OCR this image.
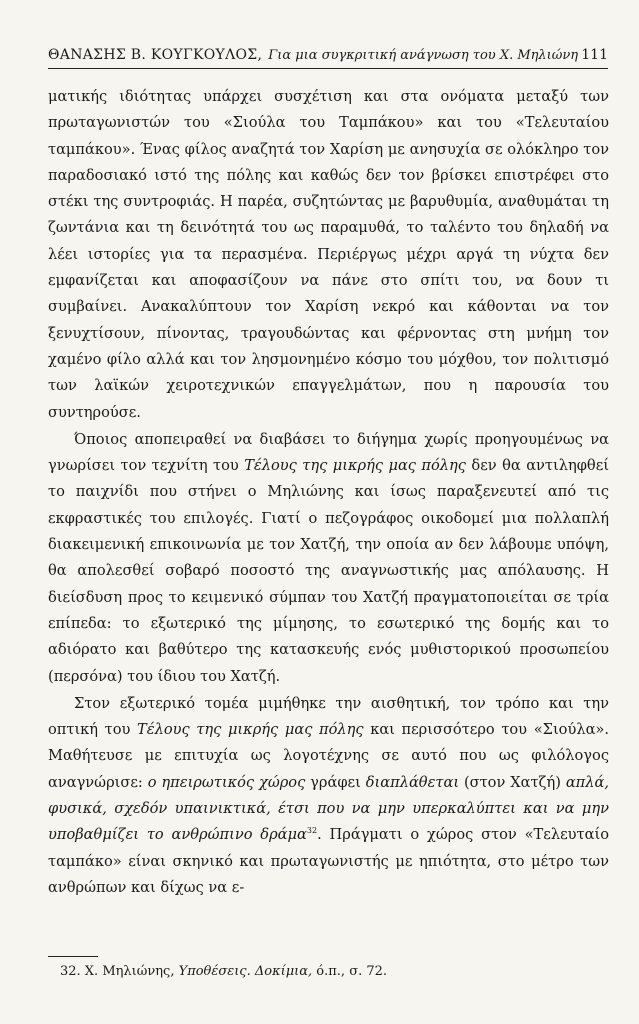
ΘΑΝΑΣΗΣ Β. ΚΟΥΓΚΟΥΛΟΣ, Για μια συγκριτική ανάγνωση του Χ. Μηλιώνη 111

ματικής ιδιότητας υπάρχει συσχέτιση και στα ονόματα μεταξύ των πρωταγωνιστών του «Σιούλα του Ταμπάκου» και του «Τελευταίου ταμπάκου». Ένας φίλος αναζητά τον Χαρίση με ανησυχία σε ολόκληρο τον παραδοσιακό ιστό της πόλης και καθώς δεν τον βρίσκει επιστρέφει στο στέκι της συντροφιάς. Η παρέα, συζητώντας με βαρυθυμία, αναθυμάται τη ζωντάνια και τη δεινότητά του ως παραμυθά, το ταλέντο του δηλαδή να λέει ιστορίες για τα περασμένα. Περιέργως μέχρι αργά τη νύχτα δεν εμφανίζεται και αποφασίζουν να πάνε στο σπίτι του, να δουν τι συμβαίνει. Ανακαλύπτουν τον Χαρίση νεκρό και κάθονται να τον ξενυχτίσουν, πίνοντας, τραγουδώντας και φέρνοντας στη μνήμη τον χαμένο φίλο αλλά και τον λησμονημένο κόσμο του μόχθου, τον πολιτισμό των λαϊκών χειροτεχνικών επαγγελμάτων, που η παρουσία του συντηρούσε.

Όποιος αποπειραθεί να διαβάσει το διήγημα χωρίς προηγουμένως να γνωρίσει τον τεχνίτη του Τέλους της μικρής μας πόλης δεν θα αντιληφθεί το παιχνίδι που στήνει ο Μηλιώνης και ίσως παραξενευτεί από τις εκφραστικές του επιλογές. Γιατί ο πεζογράφος οικοδομεί μια πολλαπλή διακειμενική επικοινωνία με τον Χατζή, την οποία αν δεν λάβουμε υπόψη, θα απολεσθεί σοβαρό ποσοστό της αναγνωστικής μας απόλαυσης. Η διείσδυση προς το κειμενικό σύμπαν του Χατζή πραγματοποιείται σε τρία επίπεδα: το εξωτερικό της μίμησης, το εσωτερικό της δομής και το αδιόρατο και βαθύτερο της κατασκευής ενός μυθιστορικού προσωπείου (περσόνα) του ίδιου του Χατζή.

Στον εξωτερικό τομέα μιμήθηκε την αισθητική, τον τρόπο και την οπτική του Τέλους της μικρής μας πόλης και περισσότερο του «Σιούλα». Μαθήτευσε με επιτυχία ως λογοτέχνης σε αυτό που ως φιλόλογος αναγνώρισε: ο ηπειρωτικός χώρος γράφει διαπλάθεται (στον Χατζή) απλά, φυσικά, σχεδόν υπαινικτικά, έτσι που να μην υπερκαλύπτει και να μην υποβαθμίζει το ανθρώπινο δράμα$^{32}$. Πράγματι ο χώρος στον «Τελευταίο ταμπάκο» είναι σκηνικό και πρωταγωνιστής με ηπιότητα, στο μέτρο των ανθρώπων και δίχως να ε-

32. Χ. Μηλιώνης, Υποθέσεις. Δοκίμια, ό.π., σ. 72.
